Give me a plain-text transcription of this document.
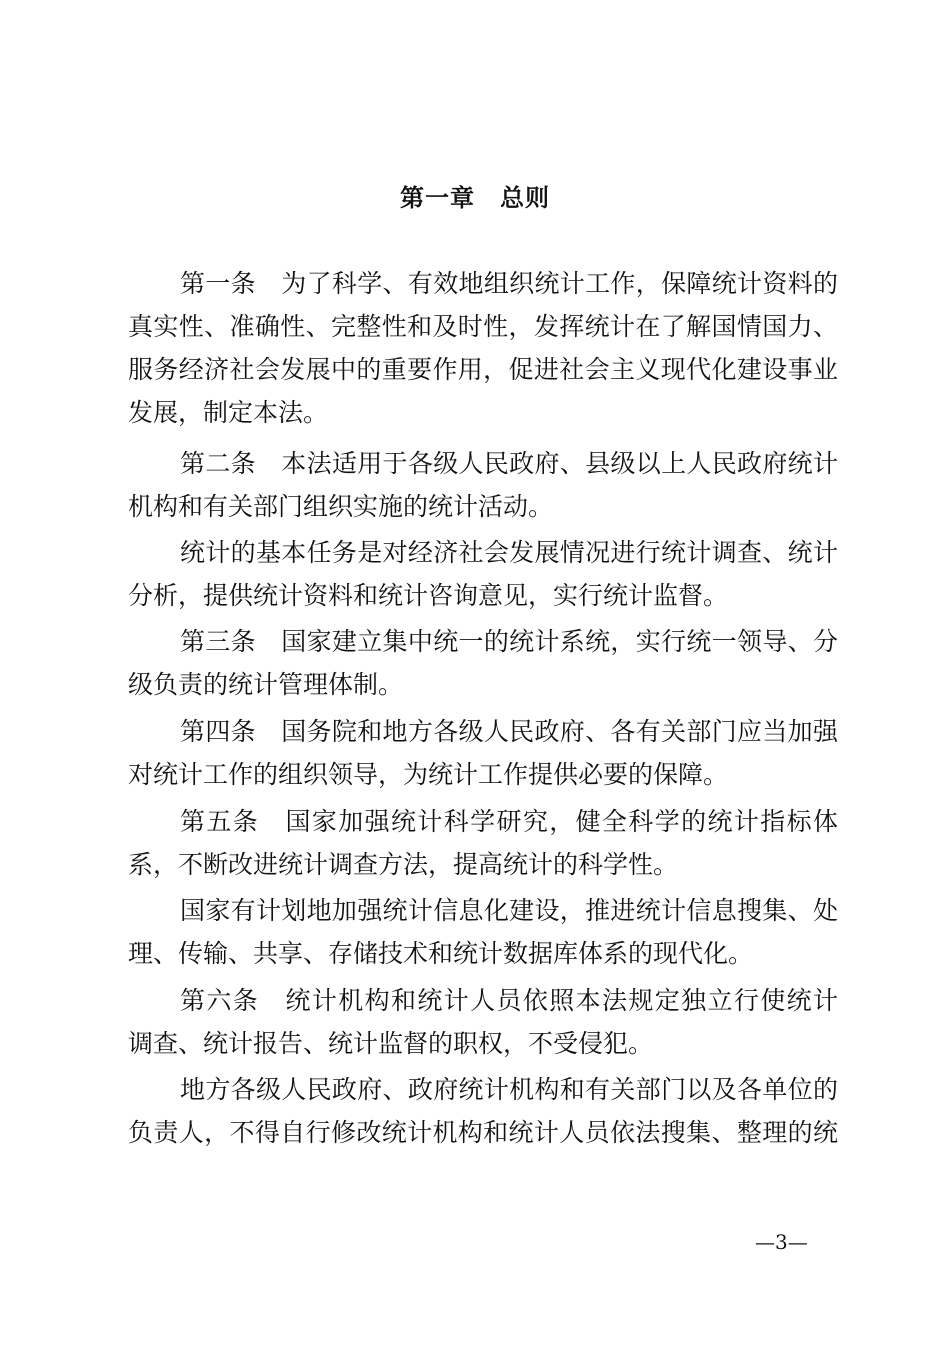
第一章　总则
第一条　为了科学、有效地组织统计工作，保障统计资料的
真实性、准确性、完整性和及时性，发挥统计在了解国情国力、
服务经济社会发展中的重要作用，促进社会主义现代化建设事业
发展，制定本法。
第二条　本法适用于各级人民政府、县级以上人民政府统计
机构和有关部门组织实施的统计活动。
统计的基本任务是对经济社会发展情况进行统计调查、统计
分析，提供统计资料和统计咨询意见，实行统计监督。
第三条　国家建立集中统一的统计系统，实行统一领导、分
级负责的统计管理体制。
第四条　国务院和地方各级人民政府、各有关部门应当加强
对统计工作的组织领导，为统计工作提供必要的保障。
第五条　国家加强统计科学研究，健全科学的统计指标体
系，不断改进统计调查方法，提高统计的科学性。
国家有计划地加强统计信息化建设，推进统计信息搜集、处
理、传输、共享、存储技术和统计数据库体系的现代化。
第六条　统计机构和统计人员依照本法规定独立行使统计
调查、统计报告、统计监督的职权，不受侵犯。
地方各级人民政府、政府统计机构和有关部门以及各单位的
负责人，不得自行修改统计机构和统计人员依法搜集、整理的统
—3—
